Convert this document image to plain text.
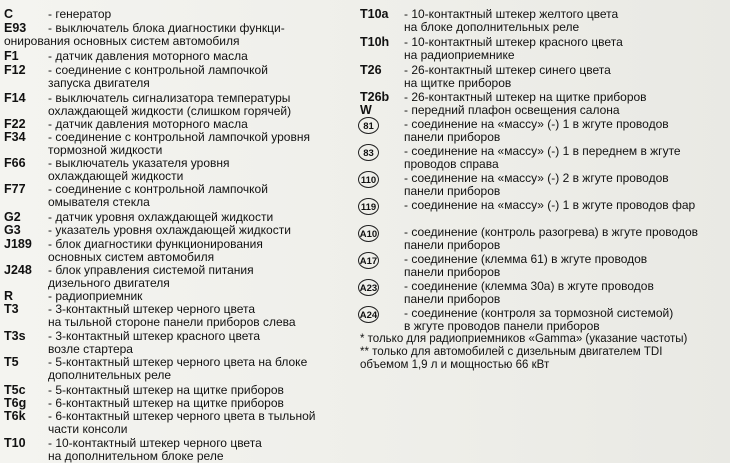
C	- генератор
E93 - выключатель блока диагностики функци-
онирования основных систем автомобиля
F1 - датчик давления моторного масла
F12 - соединение с контрольной лампочкой
запуска двигателя
F14 - выключатель сигнализатора температуры
охлаждающей жидкости (слишком горячей)
F22 - датчик давления моторного масла
F34 - соединение с контрольной лампочкой уровня
тормозной жидкости
F66 - выключатель указателя уровня
охлаждающей жидкости
F77 - соединение с контрольной лампочкой
омывателя стекла
G2 - датчик уровня охлаждающей жидкости
G3 - указатель уровня охлаждающей жидкости
J189 - блок диагностики функционирования
основных систем автомобиля
J248 - блок управления системой питания
дизельного двигателя
R	- радиоприемник
T3 - 3-контактный штекер черного цвета
на тыльной стороне панели приборов слева
T3s - 3-контактный штекер красного цвета
возле стартера
T5 - 5-контактный штекер черного цвета на блоке
дополнительных реле
T5c - 5-контактный штекер на щитке приборов
T6g - 6-контактный штекер на щитке приборов
T6k - 6-контактный штекер черного цвета в тыльной
части консоли
T10 - 10-контактный штекер черного цвета
на дополнительном блоке реле
T10a - 10-контактный штекер желтого цвета
на блоке дополнительных реле
T10h - 10-контактный штекер красного цвета
на радиоприемнике
T26 - 26-контактный штекер синего цвета
на щитке приборов
T26b - 26-контактный штекер на щитке приборов
W	- передний плафон освещения салона
81	- соединение на «массу» (-) 1 в жгуте проводов
панели приборов
83	- соединение на «массу» (-) 1 в переднем в жгуте
проводов справа
110 - соединение на «массу» (-) 2 в жгуте проводов
панели приборов
119 - соединение на «массу» (-) 1 в жгуте проводов фар
A10 - соединение (контроль разогрева) в жгуте проводов
панели приборов
A17 - соединение (клемма 61) в жгуте проводов
панели приборов
A23 - соединение (клемма 30а) в жгуте проводов
панели приборов
A24 - соединение (контроля за тормозной системой)
в жгуте проводов панели приборов
* только для радиоприемников «Gamma» (указание частоты)
** только для автомобилей с дизельным двигателем TDI
объемом 1,9 л и мощностью 66 кВт
